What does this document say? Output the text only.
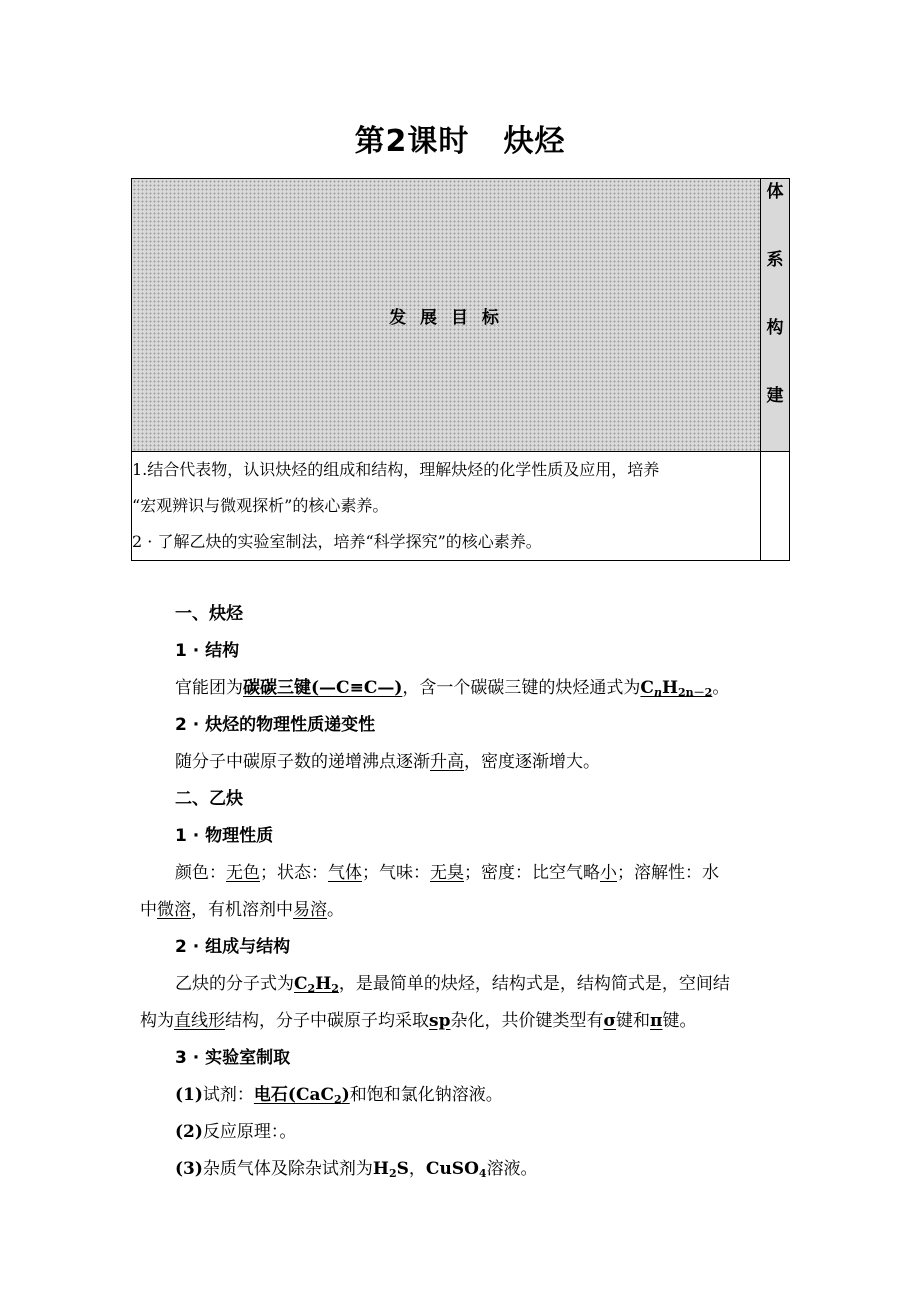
第2课时 炔烃
发 展 目 标	体
系
构
建

1.结合代表物，认识炔烃的组成和结构，理解炔烃的化学性质及应用，培养

“宏观辨识与微观探析”的核心素养。

2 · 了解乙炔的实验室制法，培养“科学探究”的核心素养。	

一、炔烃
1 · 结构
官能团为碳碳三键(—C≡C—)，含一个碳碳三键的炔烃通式为$C_nH_{2n-2}$。
2 · 炔烃的物理性质递变性
随分子中碳原子数的递增沸点逐渐升高，密度逐渐增大。
二、乙炔
1 · 物理性质
颜色：无色；状态：气体；气味：无臭；密度：比空气略小；溶解性：水
中微溶，有机溶剂中易溶。
2 · 组成与结构
乙炔的分子式为$C_2H_2$，是最简单的炔烃，结构式是，结构简式是，空间结
构为直线形结构，分子中碳原子均采取sp杂化，共价键类型有σ键和π键。
3 · 实验室制取
(1)试剂：电石(CaC$_2$)和饱和氯化钠溶液。
(2)反应原理：。
(3)杂质气体及除杂试剂为$H_2S$，CuSO$_4$溶液。
